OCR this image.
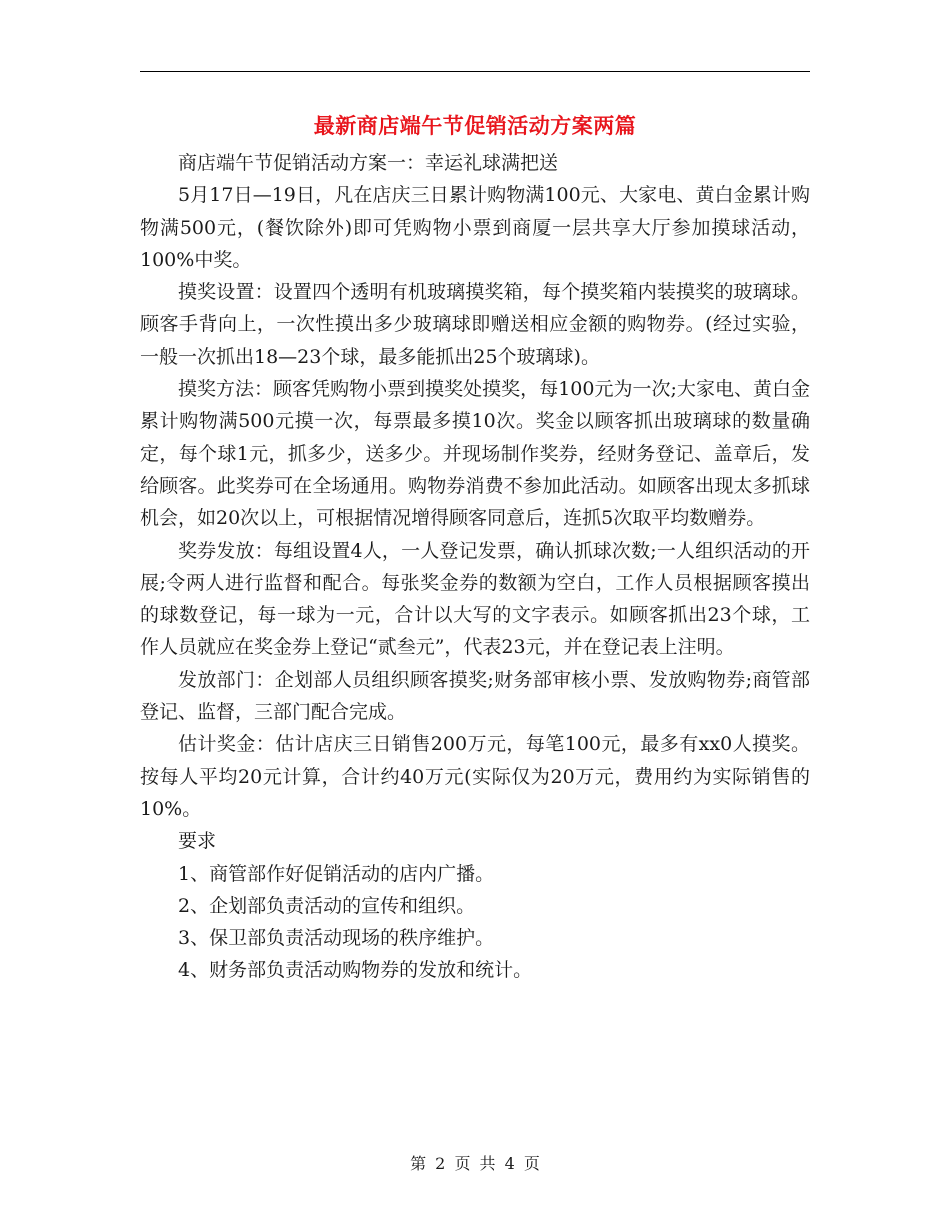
最新商店端午节促销活动方案两篇

商店端午节促销活动方案一：幸运礼球满把送

5月17日—19日，凡在店庆三日累计购物满100元、大家电、黄白金累计购物满500元，(餐饮除外)即可凭购物小票到商厦一层共享大厅参加摸球活动，100%中奖。

摸奖设置：设置四个透明有机玻璃摸奖箱，每个摸奖箱内装摸奖的玻璃球。顾客手背向上，一次性摸出多少玻璃球即赠送相应金额的购物券。(经过实验，一般一次抓出18—23个球，最多能抓出25个玻璃球)。

摸奖方法：顾客凭购物小票到摸奖处摸奖，每100元为一次;大家电、黄白金累计购物满500元摸一次，每票最多摸10次。奖金以顾客抓出玻璃球的数量确定，每个球1元，抓多少，送多少。并现场制作奖券，经财务登记、盖章后，发给顾客。此奖券可在全场通用。购物券消费不参加此活动。如顾客出现太多抓球机会，如20次以上，可根据情况增得顾客同意后，连抓5次取平均数赠券。

奖券发放：每组设置4人，一人登记发票，确认抓球次数;一人组织活动的开展;令两人进行监督和配合。每张奖金券的数额为空白，工作人员根据顾客摸出的球数登记，每一球为一元，合计以大写的文字表示。如顾客抓出23个球，工作人员就应在奖金券上登记“贰叁元”，代表23元，并在登记表上注明。

发放部门：企划部人员组织顾客摸奖;财务部审核小票、发放购物券;商管部登记、监督，三部门配合完成。

估计奖金：估计店庆三日销售200万元，每笔100元，最多有xx0人摸奖。按每人平均20元计算，合计约40万元(实际仅为20万元，费用约为实际销售的10%。

要求

1、商管部作好促销活动的店内广播。

2、企划部负责活动的宣传和组织。

3、保卫部负责活动现场的秩序维护。

4、财务部负责活动购物券的发放和统计。

第 2 页 共 4 页
